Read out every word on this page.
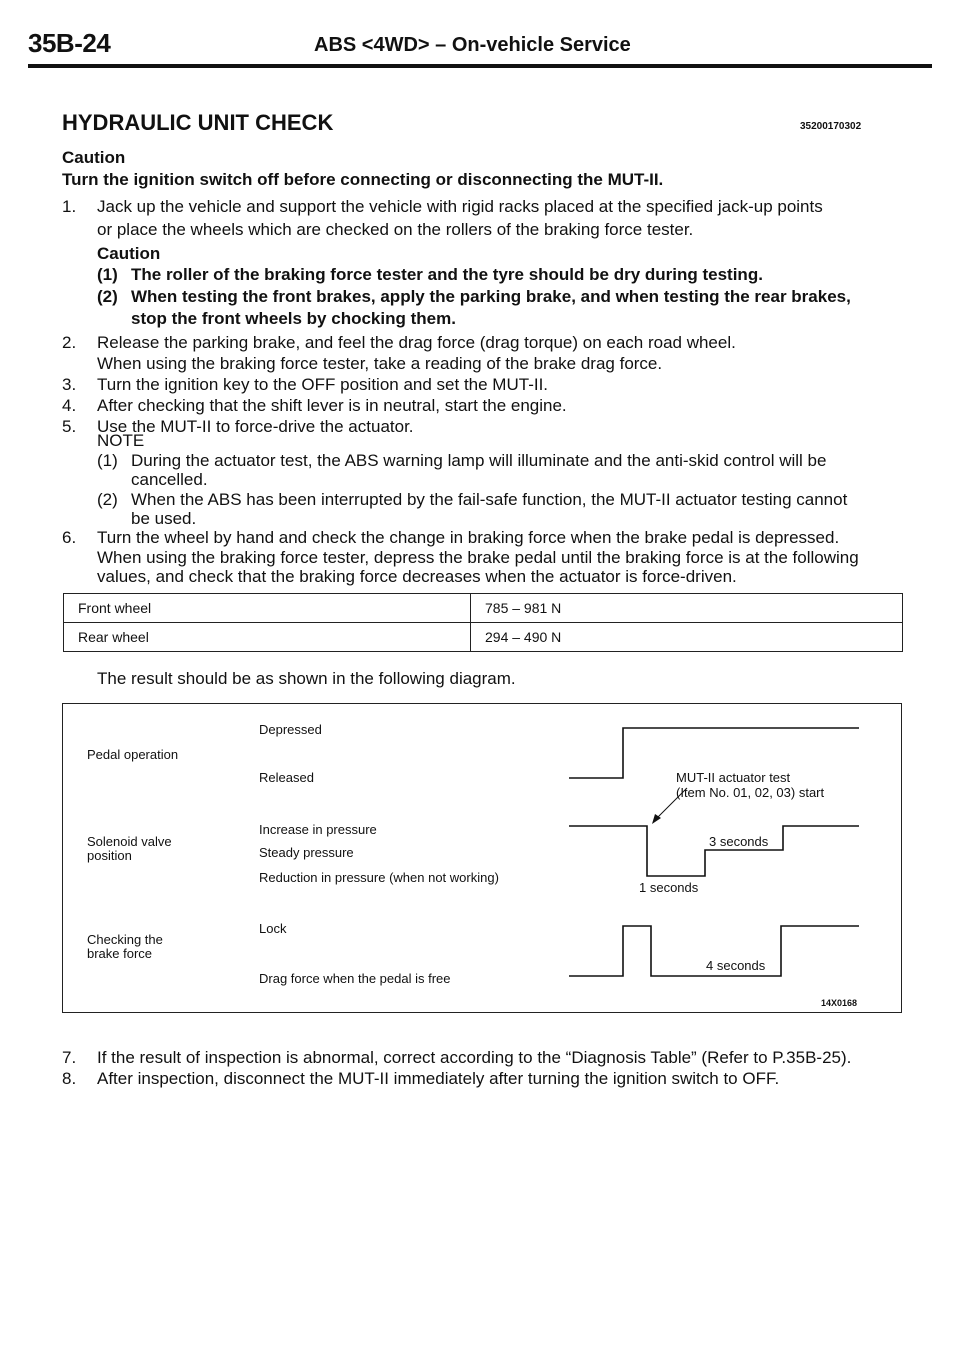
35B-24	ABS <4WD> – On-vehicle Service
HYDRAULIC UNIT CHECK	35200170302
Caution
Turn the ignition switch off before connecting or disconnecting the MUT-II.
1. Jack up the vehicle and support the vehicle with rigid racks placed at the specified jack-up points
or place the wheels which are checked on the rollers of the braking force tester.
Caution
(1) The roller of the braking force tester and the tyre should be dry during testing.
(2) When testing the front brakes, apply the parking brake, and when testing the rear brakes,
stop the front wheels by chocking them.
2. Release the parking brake, and feel the drag force (drag torque) on each road wheel.
When using the braking force tester, take a reading of the brake drag force.
3. Turn the ignition key to the OFF position and set the MUT-II.
4. After checking that the shift lever is in neutral, start the engine.
5. Use the MUT-II to force-drive the actuator.
NOTE
(1) During the actuator test, the ABS warning lamp will illuminate and the anti-skid control will be
cancelled.
(2) When the ABS has been interrupted by the fail-safe function, the MUT-II actuator testing cannot
be used.
6. Turn the wheel by hand and check the change in braking force when the brake pedal is depressed.
When using the braking force tester, depress the brake pedal until the braking force is at the following
values, and check that the braking force decreases when the actuator is force-driven.
Front wheel	785 – 981 N
Rear wheel	294 – 490 N
The result should be as shown in the following diagram.
Pedal operation
Depressed
Released
Solenoid valve
position
Increase in pressure
Steady pressure
Reduction in pressure (when not working)
Checking the
brake force
Lock
Drag force when the pedal is free
MUT-II actuator test
(Item No. 01, 02, 03) start
3 seconds
1 seconds
4 seconds
14X0168
7. If the result of inspection is abnormal, correct according to the “Diagnosis Table” (Refer to P.35B-25).
8. After inspection, disconnect the MUT-II immediately after turning the ignition switch to OFF.
